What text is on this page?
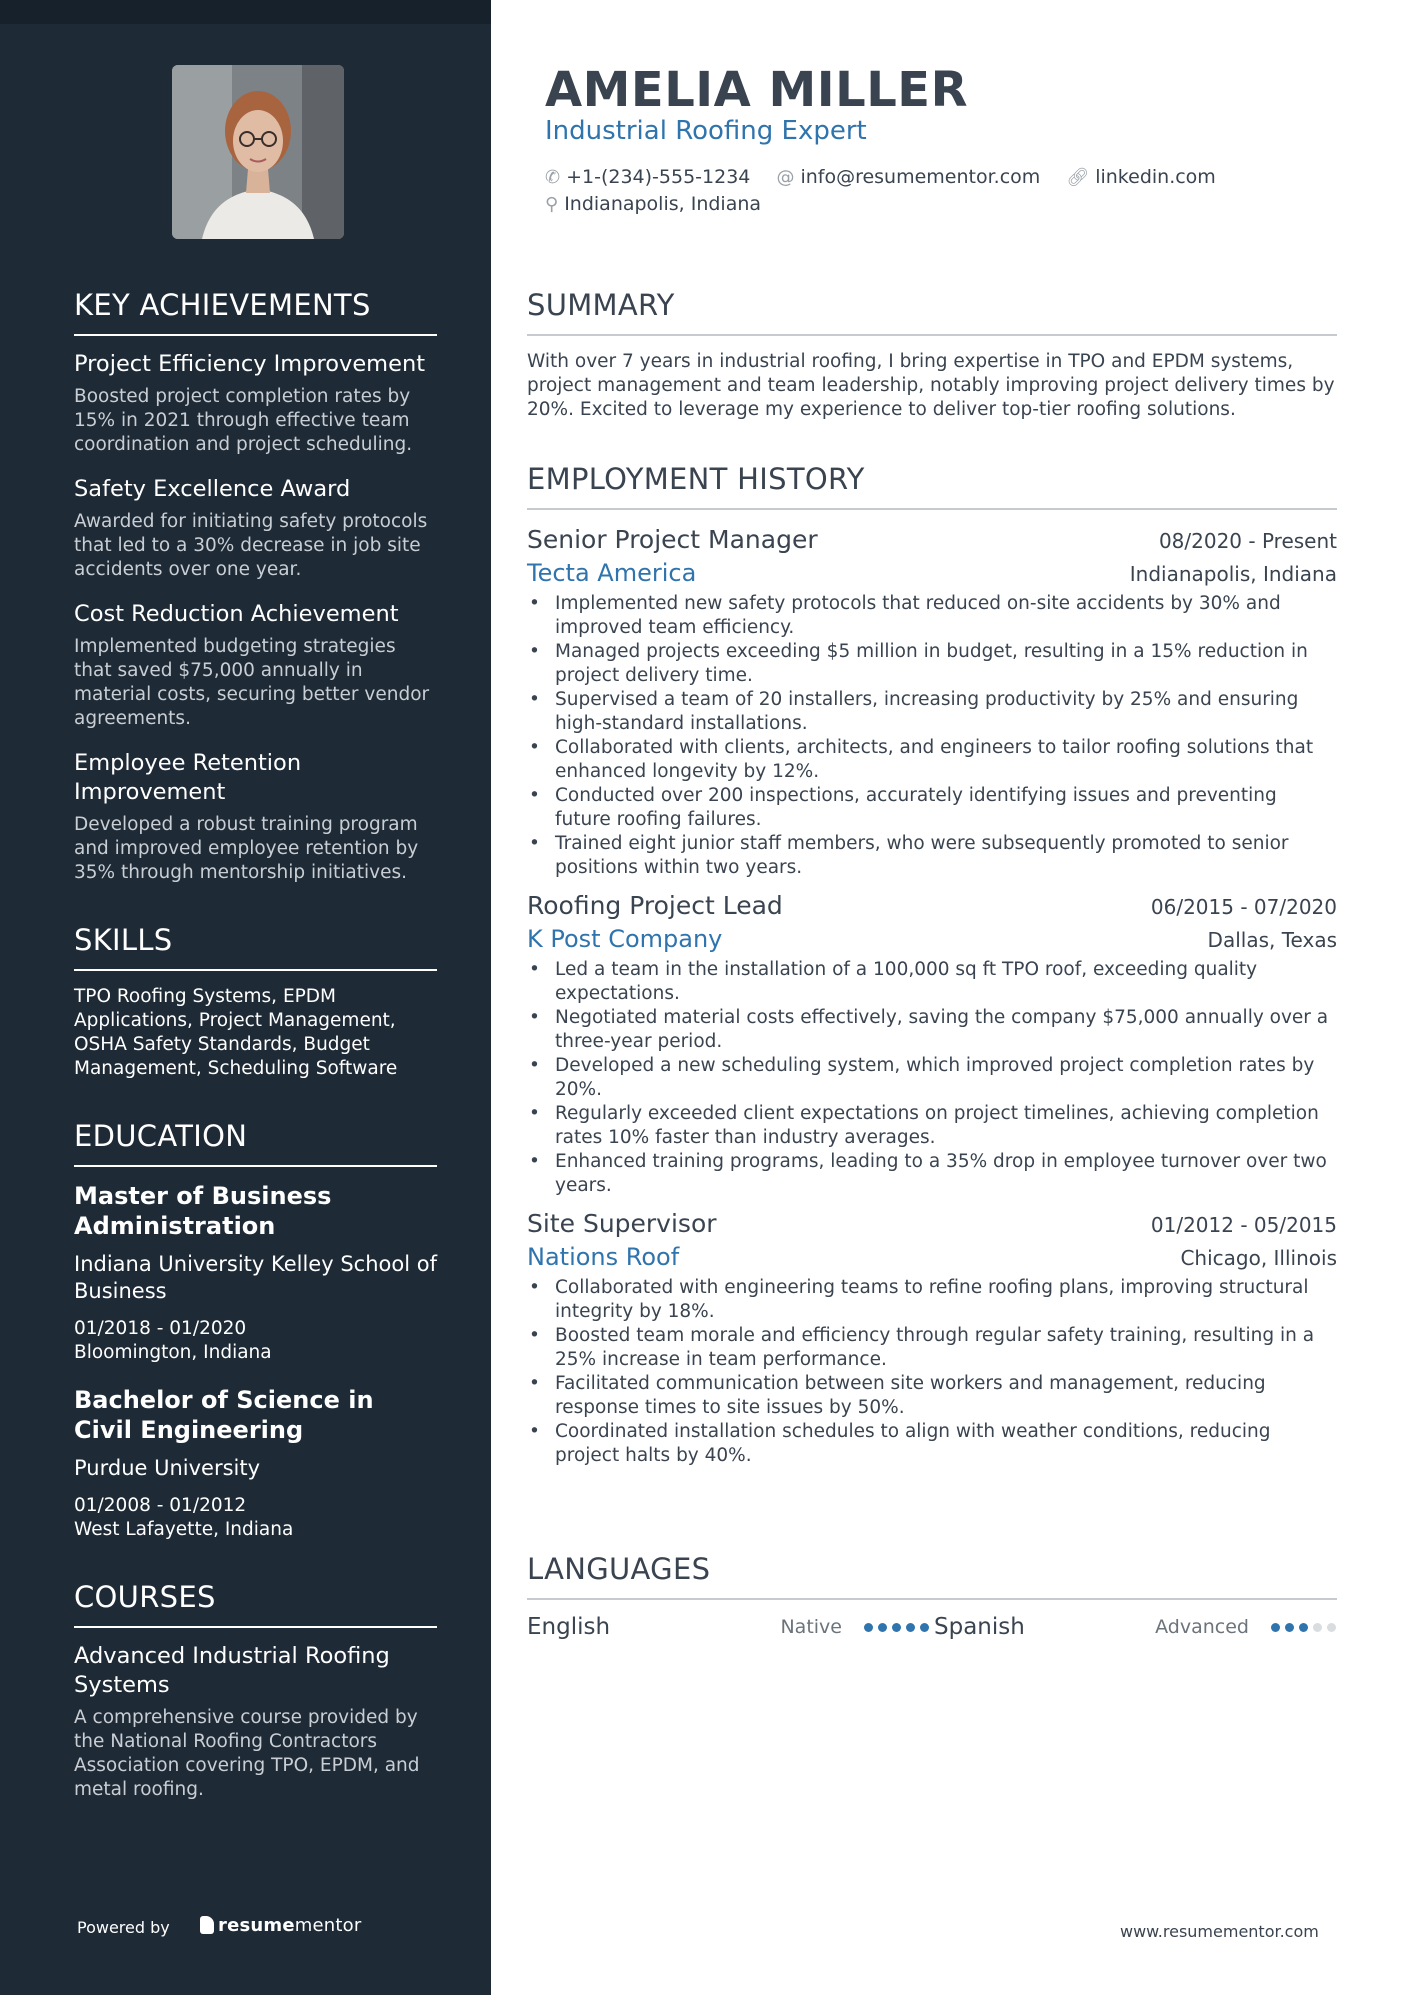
KEY ACHIEVEMENTS
Project Efficiency Improvement
Boosted project completion rates by 15% in 2021 through effective team coordination and project scheduling.
Safety Excellence Award
Awarded for initiating safety protocols that led to a 30% decrease in job site accidents over one year.
Cost Reduction Achievement
Implemented budgeting strategies that saved $75,000 annually in material costs, securing better vendor agreements.
Employee Retention Improvement
Developed a robust training program and improved employee retention by 35% through mentorship initiatives.
SKILLS
TPO Roofing Systems, EPDM Applications, Project Management, OSHA Safety Standards, Budget Management, Scheduling Software
EDUCATION
Master of Business Administration
Indiana University Kelley School of Business
01/2018 - 01/2020
Bloomington, Indiana
Bachelor of Science in Civil Engineering
Purdue University
01/2008 - 01/2012
West Lafayette, Indiana
COURSES
Advanced Industrial Roofing Systems
A comprehensive course provided by the National Roofing Contractors Association covering TPO, EPDM, and metal roofing.
Powered by	resumementor
AMELIA MILLER
Industrial Roofing Expert
✆ +1-(234)-555-1234 @ info@resumementor.com 🔗︎ linkedin.com
⚲ Indianapolis, Indiana
SUMMARY
With over 7 years in industrial roofing, I bring expertise in TPO and EPDM systems, project management and team leadership, notably improving project delivery times by 20%. Excited to leverage my experience to deliver top-tier roofing solutions.
EMPLOYMENT HISTORY
Senior Project Manager	08/2020 - Present
Tecta America	Indianapolis, Indiana
• Implemented new safety protocols that reduced on-site accidents by 30% and improved team efficiency.
• Managed projects exceeding $5 million in budget, resulting in a 15% reduction in project delivery time.
• Supervised a team of 20 installers, increasing productivity by 25% and ensuring high-standard installations.
• Collaborated with clients, architects, and engineers to tailor roofing solutions that enhanced longevity by 12%.
• Conducted over 200 inspections, accurately identifying issues and preventing future roofing failures.
• Trained eight junior staff members, who were subsequently promoted to senior positions within two years.
Roofing Project Lead	06/2015 - 07/2020
K Post Company	Dallas, Texas
• Led a team in the installation of a 100,000 sq ft TPO roof, exceeding quality expectations.
• Negotiated material costs effectively, saving the company $75,000 annually over a three-year period.
• Developed a new scheduling system, which improved project completion rates by 20%.
• Regularly exceeded client expectations on project timelines, achieving completion rates 10% faster than industry averages.
• Enhanced training programs, leading to a 35% drop in employee turnover over two years.
Site Supervisor	01/2012 - 05/2015
Nations Roof	Chicago, Illinois
• Collaborated with engineering teams to refine roofing plans, improving structural integrity by 18%.
• Boosted team morale and efficiency through regular safety training, resulting in a 25% increase in team performance.
• Facilitated communication between site workers and management, reducing response times to site issues by 50%.
• Coordinated installation schedules to align with weather conditions, reducing project halts by 40%.
LANGUAGES
English	Native	Spanish	Advanced
www.resumementor.com
